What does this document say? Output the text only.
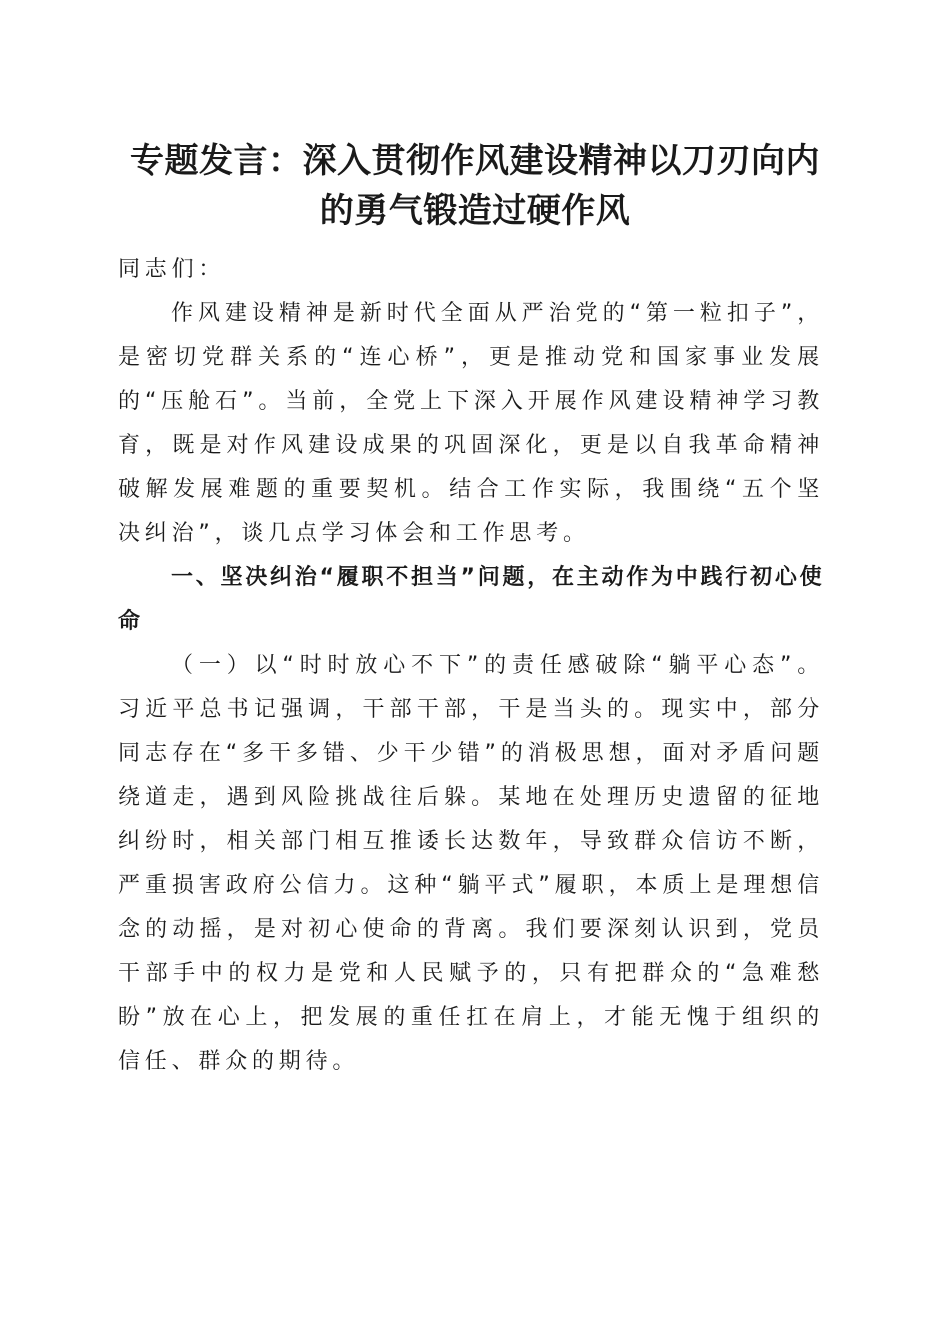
专题发言：深入贯彻作风建设精神以刀刃向内
的勇气锻造过硬作风

同志们：

作风建设精神是新时代全面从严治党的“第一粒扣子”，是密切党群关系的“连心桥”，更是推动党和国家事业发展的“压舱石”。当前，全党上下深入开展作风建设精神学习教育，既是对作风建设成果的巩固深化，更是以自我革命精神破解发展难题的重要契机。结合工作实际，我围绕“五个坚决纠治”，谈几点学习体会和工作思考。

一、坚决纠治“履职不担当”问题，在主动作为中践行初心使命

（一）以“时时放心不下”的责任感破除“躺平心态”。习近平总书记强调，干部干部，干是当头的。现实中，部分同志存在“多干多错、少干少错”的消极思想，面对矛盾问题绕道走，遇到风险挑战往后躲。某地在处理历史遗留的征地纠纷时，相关部门相互推诿长达数年，导致群众信访不断，严重损害政府公信力。这种“躺平式”履职，本质上是理想信念的动摇，是对初心使命的背离。我们要深刻认识到，党员干部手中的权力是党和人民赋予的，只有把群众的“急难愁盼”放在心上，把发展的重任扛在肩上，才能无愧于组织的信任、群众的期待。
